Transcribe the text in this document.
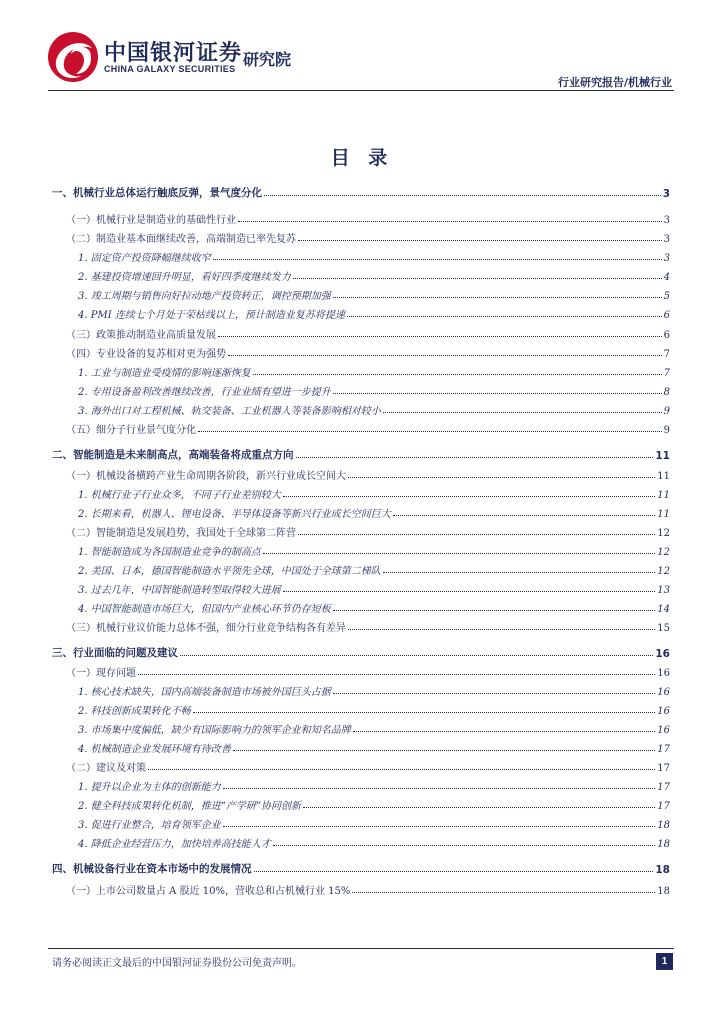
中国银河证券
CHINA GALAXY SECURITIES 研究院
行业研究报告/机械行业
目 录
一、机械行业总体运行触底反弹，景气度分化	3
（一）机械行业是制造业的基础性行业	3
（二）制造业基本面继续改善，高端制造已率先复苏	3
1. 固定资产投资降幅继续收窄	3
2. 基建投资增速回升明显，看好四季度继续发力	4
3. 竣工周期与销售向好拉动地产投资转正，调控预期加强	5
4. PMI 连续七个月处于荣枯线以上，预计制造业复苏将提速	6
（三）政策推动制造业高质量发展	6
（四）专业设备的复苏相对更为强势	7
1. 工业与制造业受疫情的影响逐渐恢复	7
2. 专用设备盈利改善继续改善，行业业绩有望进一步提升	8
3. 海外出口对工程机械、轨交装备、工业机器人等装备影响相对较小	9
（五）细分子行业景气度分化	9
二、智能制造是未来制高点，高端装备将成重点方向	11
（一）机械设备横跨产业生命周期各阶段，新兴行业成长空间大	11
1. 机械行业子行业众多，不同子行业差别较大	11
2. 长期来看，机器人、锂电设备、半导体设备等新兴行业成长空间巨大	11
（二）智能制造是发展趋势，我国处于全球第二阵营	12
1. 智能制造成为各国制造业竞争的制高点	12
2. 美国、日本，德国智能制造水平领先全球，中国处于全球第二梯队	12
3. 过去几年，中国智能制造转型取得较大进展	13
4. 中国智能制造市场巨大，但国内产业核心环节仍存短板	14
（三）机械行业议价能力总体不强，细分行业竞争结构各有差异	15
三、行业面临的问题及建议	16
（一）现存问题	16
1. 核心技术缺失，国内高端装备制造市场被外国巨头占据	16
2. 科技创新成果转化不畅	16
3. 市场集中度偏低，缺少有国际影响力的领军企业和知名品牌	16
4. 机械制造企业发展环境有待改善	17
（二）建议及对策	17
1. 提升以企业为主体的创新能力	17
2. 健全科技成果转化机制，推进“产学研”协同创新	17
3. 促进行业整合，培育领军企业	18
4. 降低企业经营压力，加快培养高技能人才	18
四、机械设备行业在资本市场中的发展情况	18
（一）上市公司数量占 A 股近 10%，营收总和占机械行业 15%	18
请务必阅读正文最后的中国银河证券股份公司免责声明。	1
